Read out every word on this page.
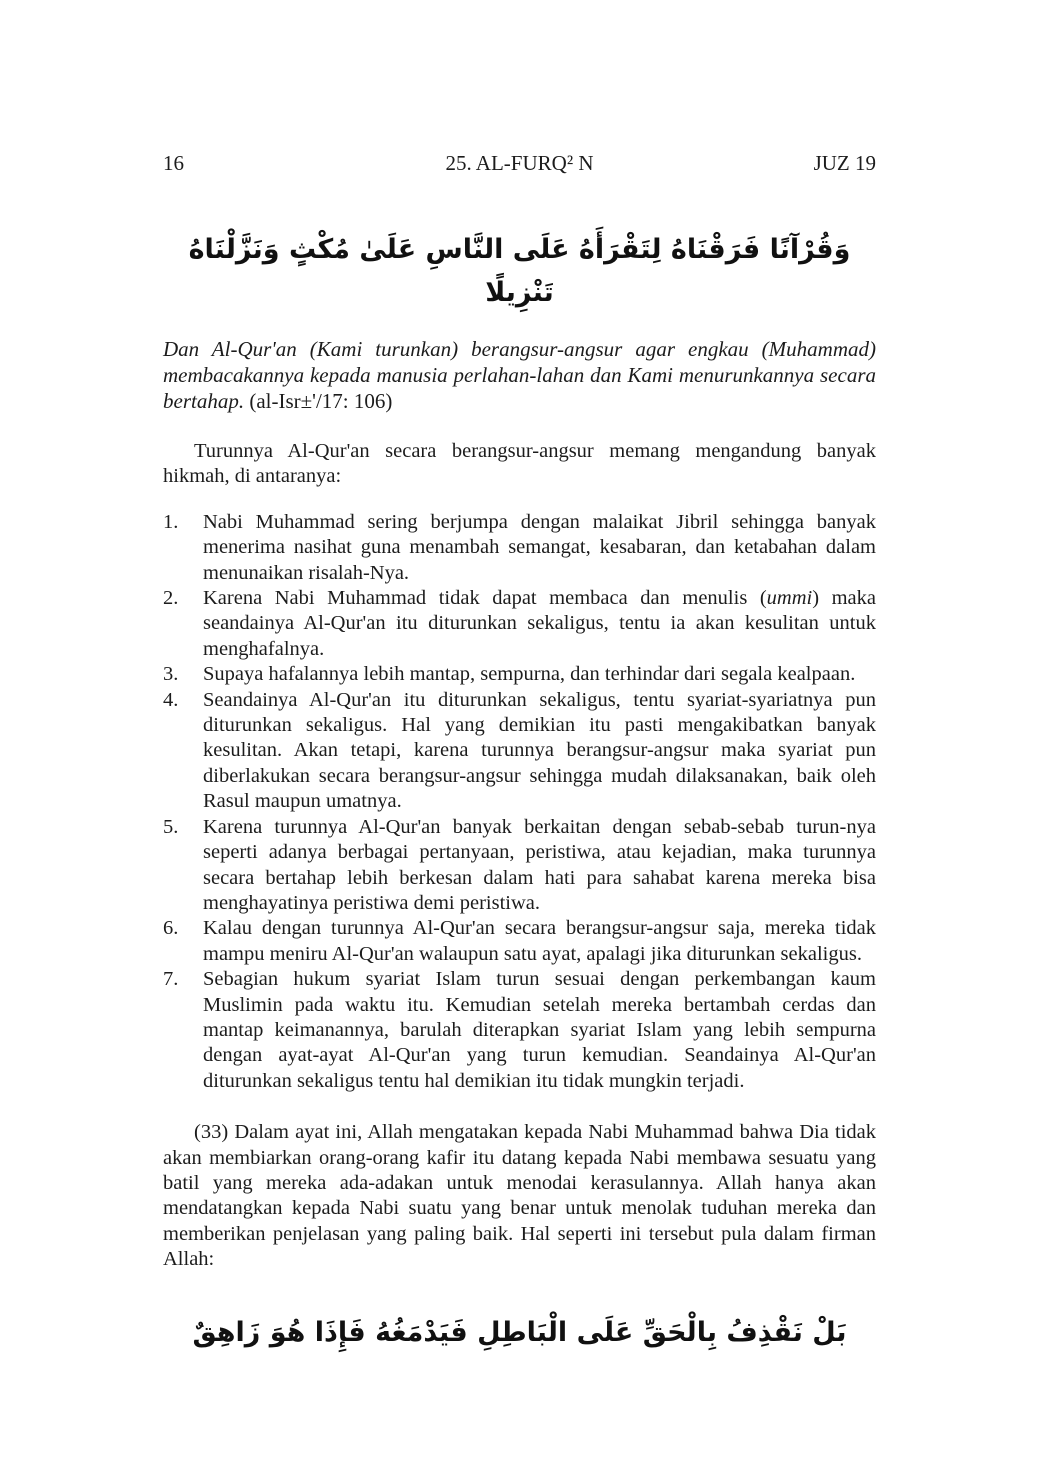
16	25. AL-FURQ² N	JUZ 19
وَقُرْآنًا فَرَقْنَاهُ لِتَقْرَأَهُ عَلَى النَّاسِ عَلَىٰ مُكْثٍ وَنَزَّلْنَاهُ تَنْزِيلًا

Dan Al-Qur'an (Kami turunkan) berangsur-angsur agar engkau (Muhammad) membacakannya kepada manusia perlahan-lahan dan Kami menurunkannya secara bertahap. (al-Isr±'/17: 106)

Turunnya Al-Qur'an secara berangsur-angsur memang mengandung banyak hikmah, di antaranya:

1.	Nabi Muhammad sering berjumpa dengan malaikat Jibril sehingga banyak menerima nasihat guna menambah semangat, kesabaran, dan ketabahan dalam menunaikan risalah-Nya.
2.	Karena Nabi Muhammad tidak dapat membaca dan menulis (ummi) maka seandainya Al-Qur'an itu diturunkan sekaligus, tentu ia akan kesulitan untuk menghafalnya.
3.	Supaya hafalannya lebih mantap, sempurna, dan terhindar dari segala kealpaan.
4.	Seandainya Al-Qur'an itu diturunkan sekaligus, tentu syariat-syariatnya pun diturunkan sekaligus. Hal yang demikian itu pasti mengakibatkan banyak kesulitan. Akan tetapi, karena turunnya berangsur-angsur maka syariat pun diberlakukan secara berangsur-angsur sehingga mudah dilaksanakan, baik oleh Rasul maupun umatnya.
5.	Karena turunnya Al-Qur'an banyak berkaitan dengan sebab-sebab turun-nya seperti adanya berbagai pertanyaan, peristiwa, atau kejadian, maka turunnya secara bertahap lebih berkesan dalam hati para sahabat karena mereka bisa menghayatinya peristiwa demi peristiwa.
6.	Kalau dengan turunnya Al-Qur'an secara berangsur-angsur saja, mereka tidak mampu meniru Al-Qur'an walaupun satu ayat, apalagi jika diturunkan sekaligus.
7.	Sebagian hukum syariat Islam turun sesuai dengan perkembangan kaum Muslimin pada waktu itu. Kemudian setelah mereka bertambah cerdas dan mantap keimanannya, barulah diterapkan syariat Islam yang lebih sempurna dengan ayat-ayat Al-Qur'an yang turun kemudian. Seandainya Al-Qur'an diturunkan sekaligus tentu hal demikian itu tidak mungkin terjadi.

(33) Dalam ayat ini, Allah mengatakan kepada Nabi Muhammad bahwa Dia tidak akan membiarkan orang-orang kafir itu datang kepada Nabi membawa sesuatu yang batil yang mereka ada-adakan untuk menodai kerasulannya. Allah hanya akan mendatangkan kepada Nabi suatu yang benar untuk menolak tuduhan mereka dan memberikan penjelasan yang paling baik. Hal seperti ini tersebut pula dalam firman Allah:

بَلْ نَقْذِفُ بِالْحَقِّ عَلَى الْبَاطِلِ فَيَدْمَغُهُ فَإِذَا هُوَ زَاهِقٌ
